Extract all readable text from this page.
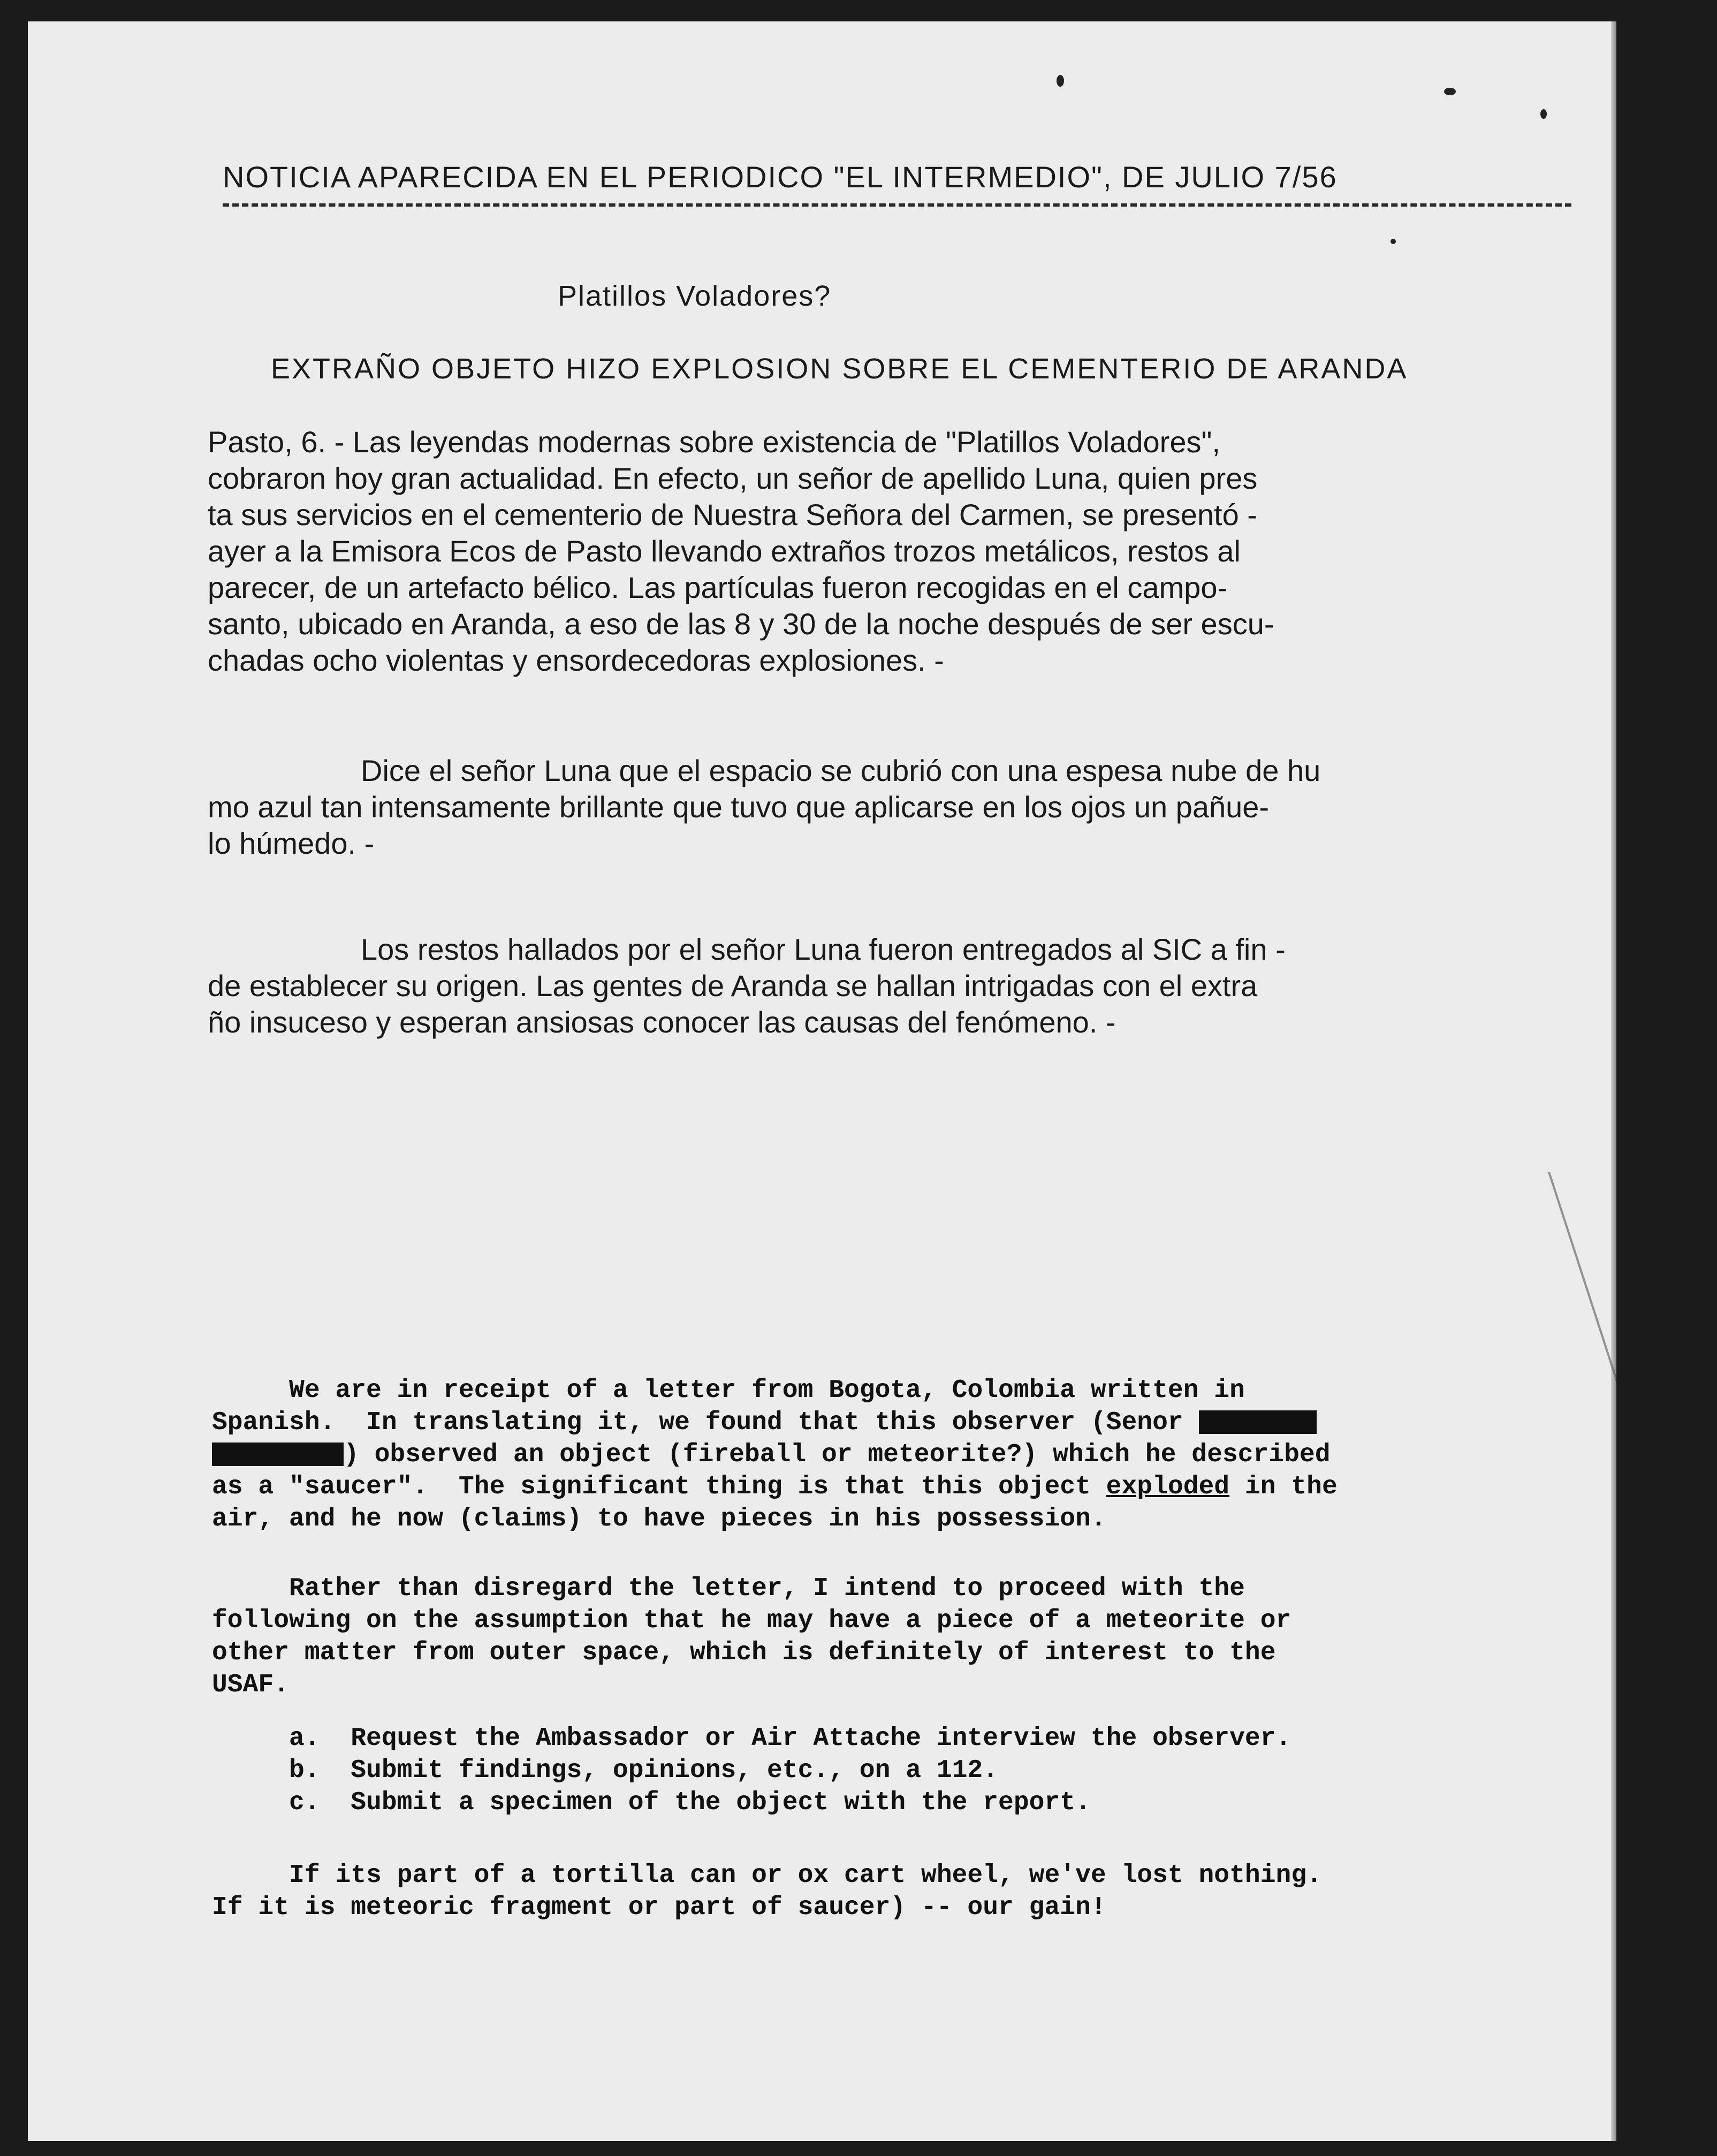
NOTICIA APARECIDA EN EL PERIODICO "EL INTERMEDIO", DE JULIO 7/56
Platillos Voladores?
EXTRAÑO OBJETO HIZO EXPLOSION SOBRE EL CEMENTERIO DE ARANDA
Pasto, 6. - Las leyendas modernas sobre existencia de "Platillos Voladores",
cobraron hoy gran actualidad. En efecto, un señor de apellido Luna, quien pres
ta sus servicios en el cementerio de Nuestra Señora del Carmen, se presentó -
ayer a la Emisora Ecos de Pasto llevando extraños trozos metálicos, restos al
parecer, de un artefacto bélico. Las partículas fueron recogidas en el campo-
santo, ubicado en Aranda, a eso de las 8 y 30 de la noche después de ser escu-
chadas ocho violentas y ensordecedoras explosiones. -
Dice el señor Luna que el espacio se cubrió con una espesa nube de hu
mo azul tan intensamente brillante que tuvo que aplicarse en los ojos un pañue-
lo húmedo. -
Los restos hallados por el señor Luna fueron entregados al SIC a fin -
de establecer su origen. Las gentes de Aranda se hallan intrigadas con el extra
ño insuceso y esperan ansiosas conocer las causas del fenómeno. -
We are in receipt of a letter from Bogota, Colombia written in
Spanish.  In translating it, we found that this observer (Senor
) observed an object (fireball or meteorite?) which he described
as a "saucer".  The significant thing is that this object exploded in the
air, and he now (claims) to have pieces in his possession.
Rather than disregard the letter, I intend to proceed with the
following on the assumption that he may have a piece of a meteorite or
other matter from outer space, which is definitely of interest to the
USAF.
a.  Request the Ambassador or Air Attache interview the observer.
b.  Submit findings, opinions, etc., on a 112.
c.  Submit a specimen of the object with the report.
If its part of a tortilla can or ox cart wheel, we've lost nothing.
If it is meteoric fragment or part of saucer) -- our gain!
